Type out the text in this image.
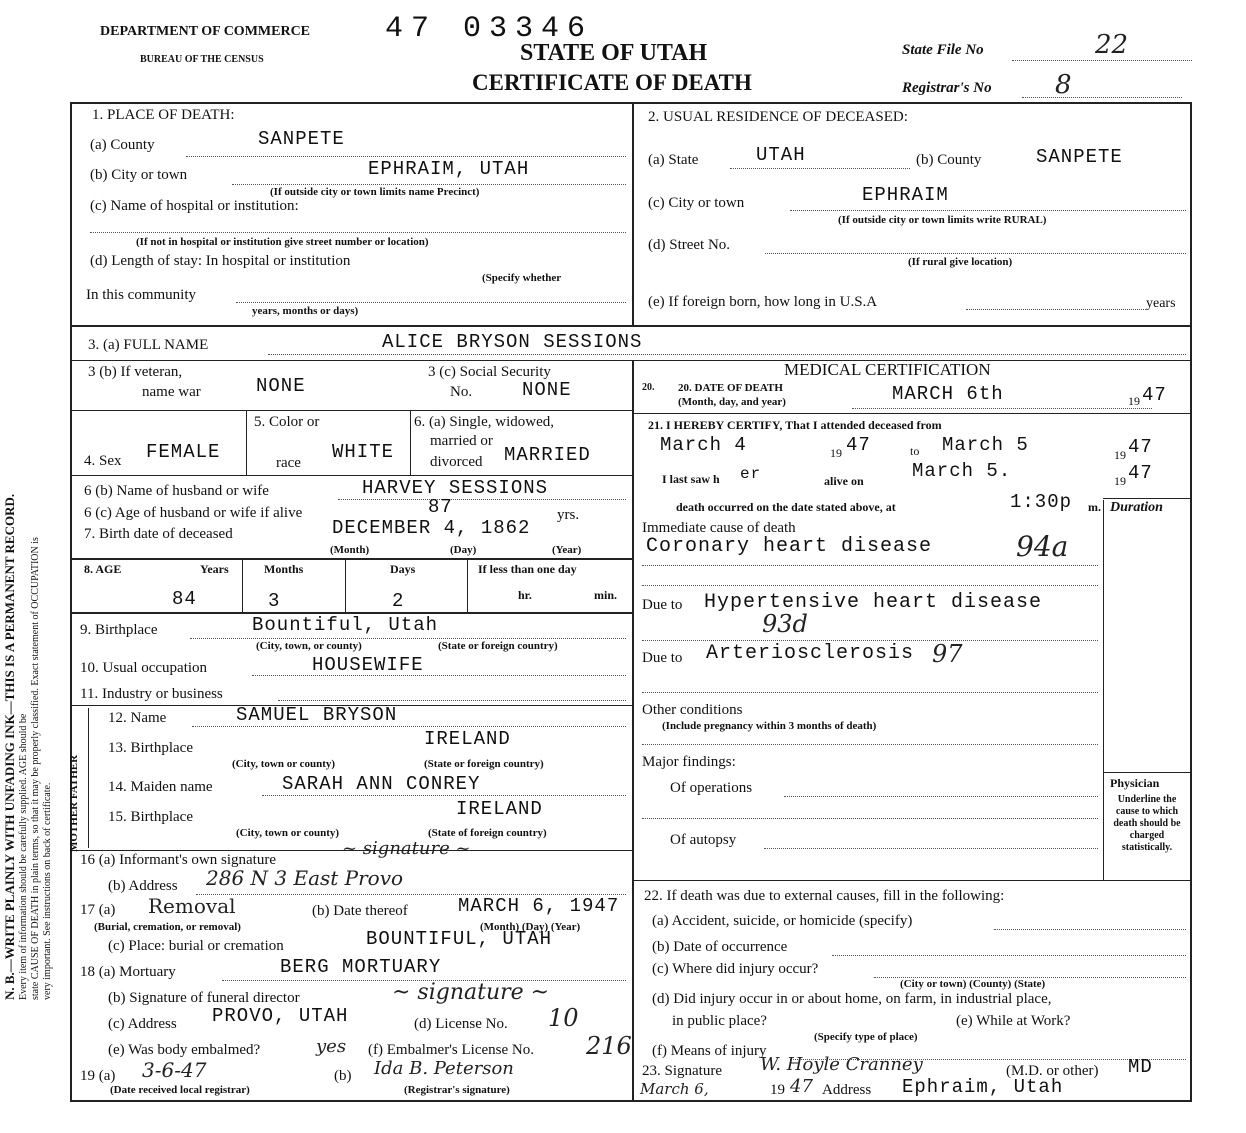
N. B.—WRITE PLAINLY WITH UNFADING INK—THIS IS A PERMANENT RECORD. Every item of information should be carefully supplied. AGE should be state CAUSE OF DEATH in plain terms, so that it may be properly classified. Exact statement of OCCUPATION is very important. See instructions on back of certificate.
DEPARTMENT OF COMMERCE
BUREAU OF THE CENSUS
47 03346
STATE OF UTAH
CERTIFICATE OF DEATH
State File No	22
Registrar's No 8
1. PLACE OF DEATH:
(a) County	SANPETE
(b) City or town	EPHRAIM, UTAH
(If outside city or town limits name Precinct)
(c) Name of hospital or institution:
(If not in hospital or institution give street number or location)
(d) Length of stay: In hospital or institution
(Specify whether
In this community
years, months or days)
2. USUAL RESIDENCE OF DECEASED:
(a) State	UTAH	(b) County	SANPETE
(c) City or town	EPHRAIM
(If outside city or town limits write RURAL)
(d) Street No.
(If rural give location)
(e) If foreign born, how long in U.S.A	years
3. (a) FULL NAME	ALICE BRYSON SESSIONS
3 (b) If veteran,
name war	NONE
3 (c) Social Security
No.	NONE
4. Sex FEMALE
5. Color or
race WHITE
6. (a) Single, widowed,
married or
divorced MARRIED
6 (b) Name of husband or wife	HARVEY SESSIONS
6 (c) Age of husband or wife if alive	87	yrs.
7. Birth date of deceased	DECEMBER 4, 1862
(Month)	(Day)	(Year)
8. AGE	Years	Months	Days	If less than one day
84	3	2	hr.	min.
9. Birthplace	Bountiful, Utah
(City, town, or county)	(State or foreign country)
10. Usual occupation	HOUSEWIFE
11. Industry or business
MOTHER FATHER
12. Name	SAMUEL BRYSON
13. Birthplace	IRELAND
(City, town or county)	(State or foreign country)
14. Maiden name	SARAH ANN CONREY
15. Birthplace	IRELAND
(City, town or county)	(State of foreign country)
16 (a) Informant's own signature
~ signature ~
(b) Address 286 N 3 East Provo
17 (a) Removal
(Burial, cremation, or removal)
(b) Date thereof	MARCH 6, 1947
(Month) (Day) (Year)
(c) Place: burial or cremation	BOUNTIFUL, UTAH
18 (a) Mortuary	BERG MORTUARY
(b) Signature of funeral director	~ signature ~
(c) Address PROVO, UTAH	(d) License No. 10
(e) Was body embalmed?	yes (f) Embalmer's License No. 216
19 (a) 3-6-47
(Date received local registrar)
(b) Ida B. Peterson
(Registrar's signature)
MEDICAL CERTIFICATION
20. 20. DATE OF DEATH
(Month, day, and year)	MARCH 6th	19 47
21. I HEREBY CERTIFY, That I attended deceased from
March 4	19 47	to March 5	19 47
I last saw h er	alive on	March 5.	19 47
death occurred on the date stated above, at	1:30p m. Duration
Immediate cause of death
Coronary heart disease	94a
Due to Hypertensive heart disease
93d
Due to Arteriosclerosis 97
Other conditions
(Include pregnancy within 3 months of death)
Major findings:
Of operations
Of autopsy
Physician
Underline the cause to which death should be charged statistically.
22. If death was due to external causes, fill in the following:
(a) Accident, suicide, or homicide (specify)
(b) Date of occurrence
(c) Where did injury occur?
(City or town) (County) (State)
(d) Did injury occur in or about home, on farm, in industrial place,
in public place?
(Specify type of place)
(e) While at Work?
(f) Means of injury
23. Signature W. Hoyle Cranney	(M.D. or other) MD
March 6,	19 47 Address Ephraim, Utah
